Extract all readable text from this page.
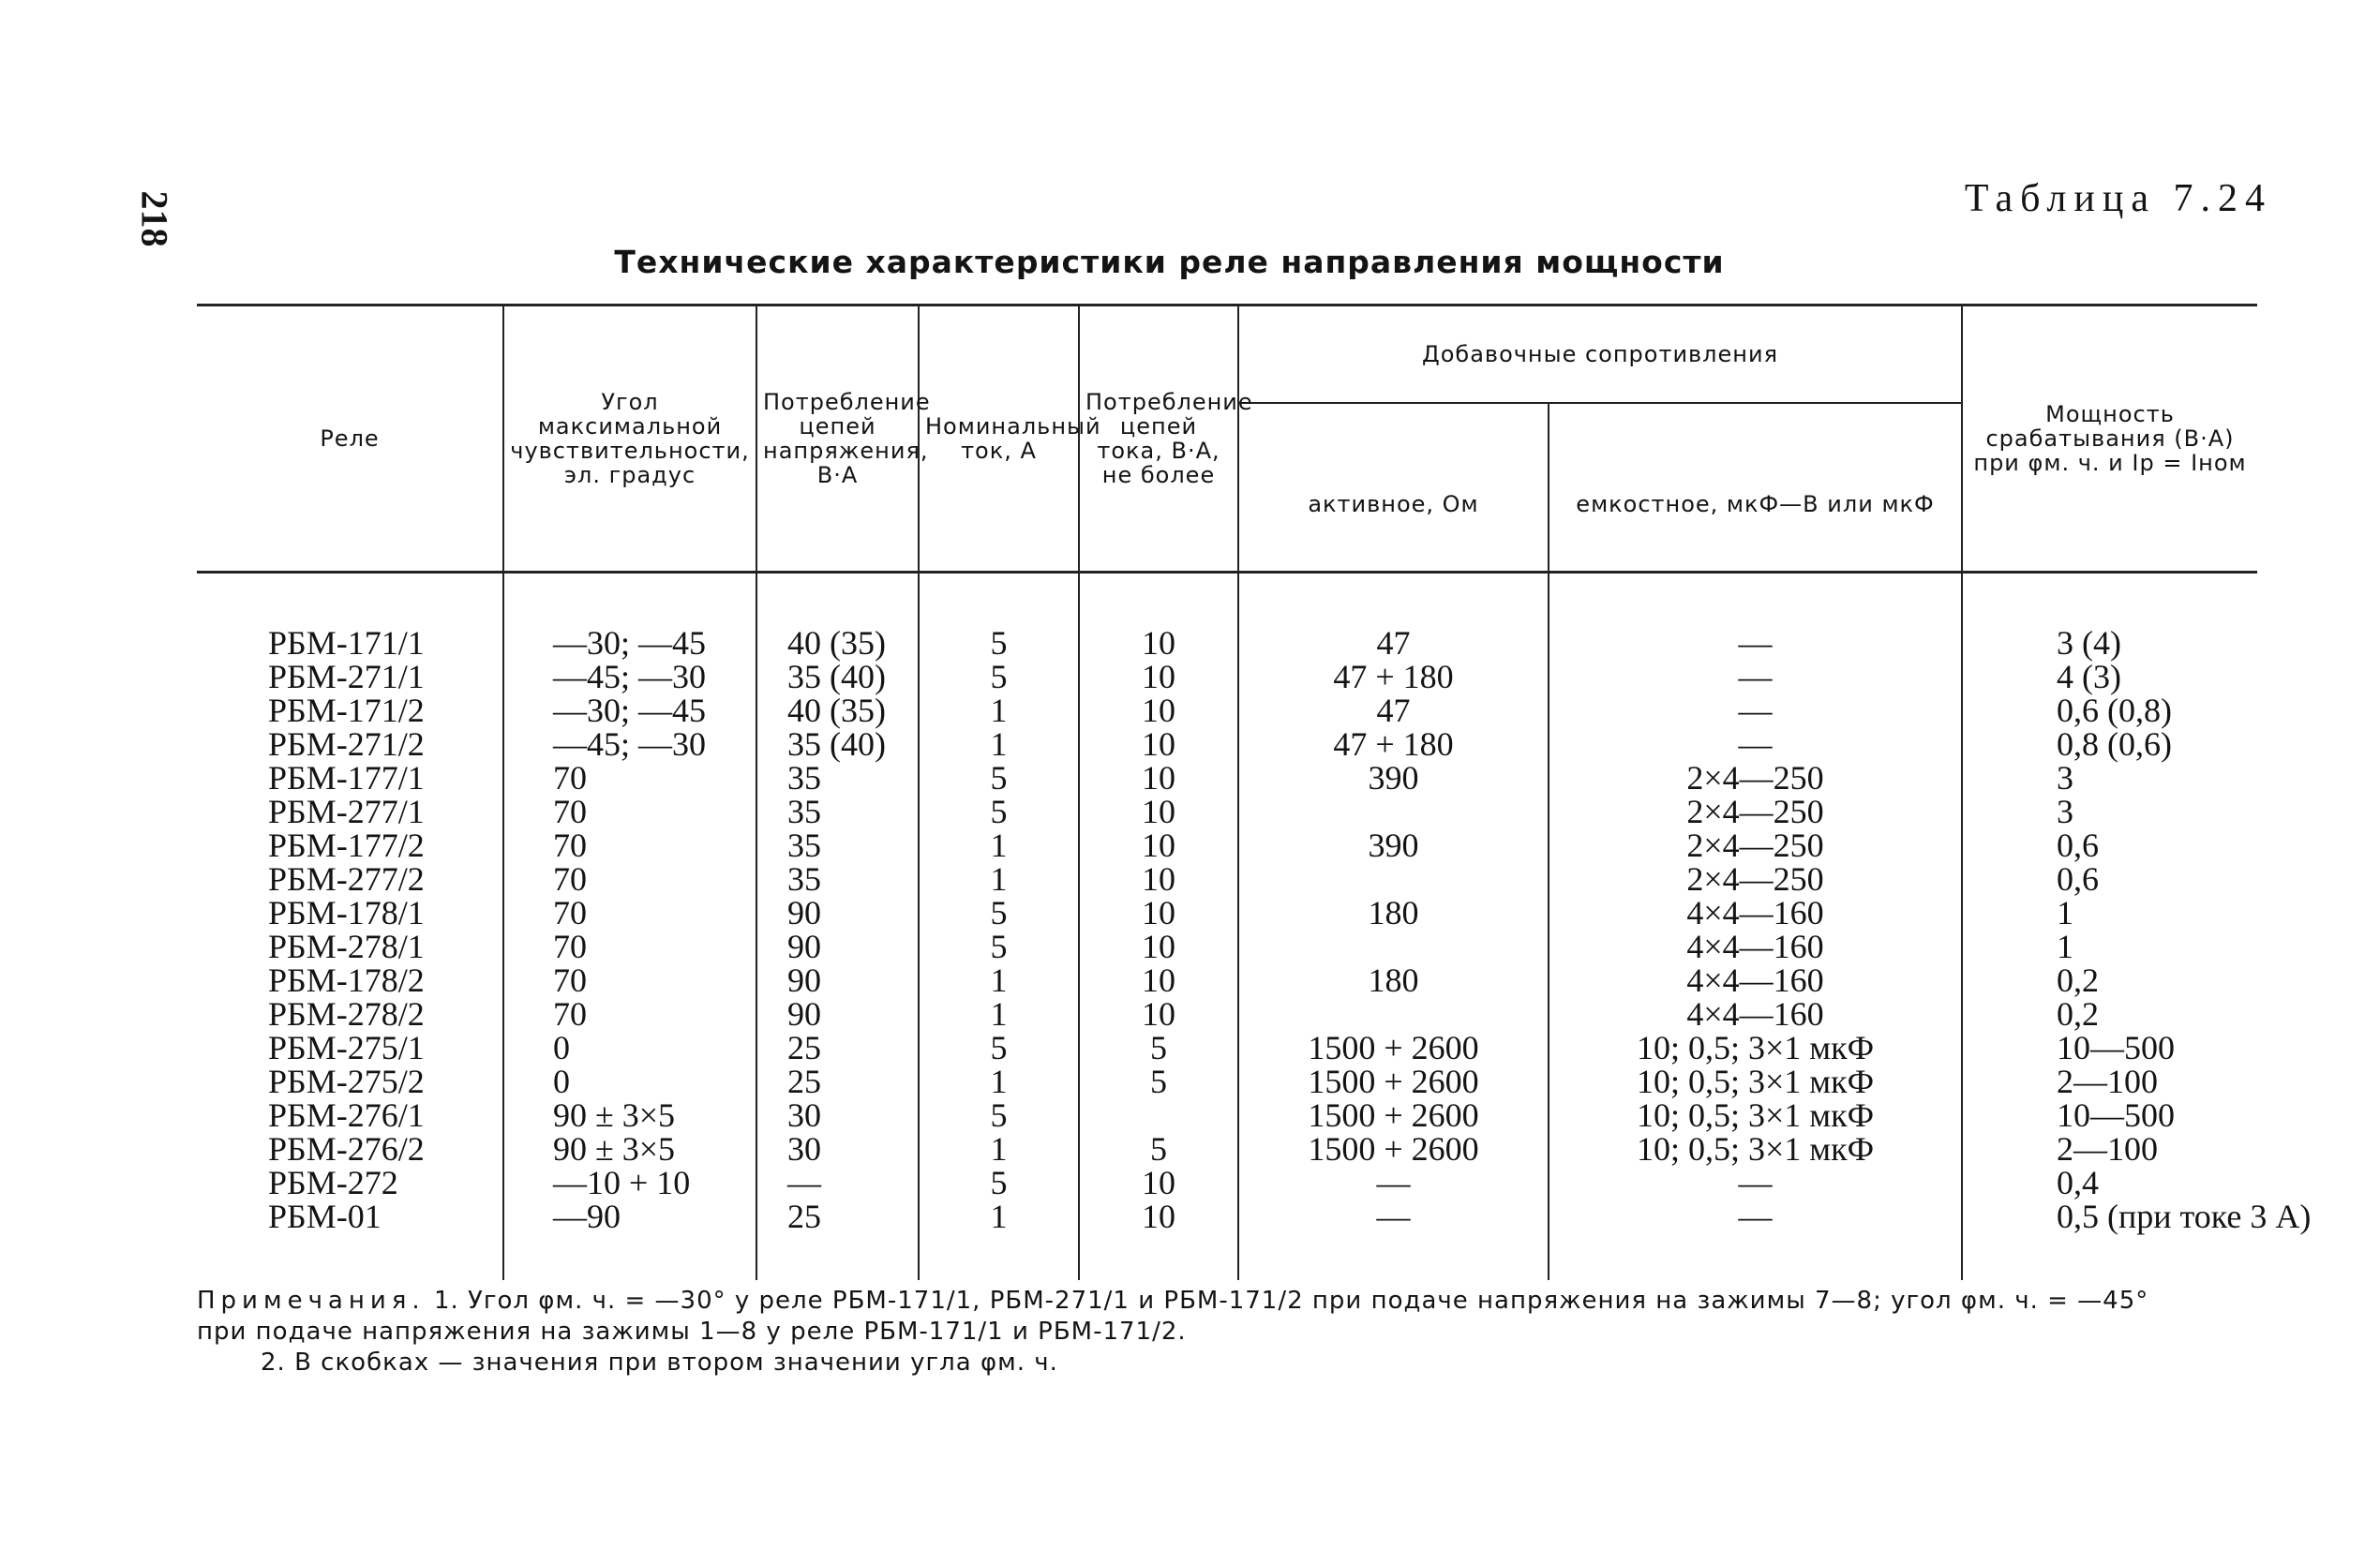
218	Таблица 7.24
Технические характеристики реле направления мощности
Реле	Угол максимальной чувствительности, эл. градус	Потребление цепей напряжения, В·А	Номинальный ток, А	Потребление цепей тока, В·А, не более	Добавочные сопротивления		Мощность срабатывания (В·А) при φм. ч. и Iр = Iном
					активное, Ом	емкостное, мкФ—В или мкФ	

РБМ-171/1	—30; —45	40 (35)	5	10	47	—	3 (4)
РБМ-271/1	—45; —30	35 (40)	5	10	47 + 180	—	4 (3)
РБМ-171/2	—30; —45	40 (35)	1	10	47	—	0,6 (0,8)
РБМ-271/2	—45; —30	35 (40)	1	10	47 + 180	—	0,8 (0,6)
РБМ-177/1	70	35	5	10	390	2×4—250	3
РБМ-277/1	70	35	5	10		2×4—250	3
РБМ-177/2	70	35	1	10	390	2×4—250	0,6
РБМ-277/2	70	35	1	10		2×4—250	0,6
РБМ-178/1	70	90	5	10	180	4×4—160	1
РБМ-278/1	70	90	5	10		4×4—160	1
РБМ-178/2	70	90	1	10	180	4×4—160	0,2
РБМ-278/2	70	90	1	10		4×4—160	0,2
РБМ-275/1	0	25	5	5	1500 + 2600	10; 0,5; 3×1 мкФ	10—500
РБМ-275/2	0	25	1	5	1500 + 2600	10; 0,5; 3×1 мкФ	2—100
РБМ-276/1	90 ± 3×5	30	5		1500 + 2600	10; 0,5; 3×1 мкФ	10—500
РБМ-276/2	90 ± 3×5	30	1	5	1500 + 2600	10; 0,5; 3×1 мкФ	2—100
РБМ-272	—10 + 10	—	5	10	—	—	0,4
РБМ-01	—90	25	1	10	—	—	0,5 (при токе 3 А)

Примечания. 1. Угол φм. ч. = —30° у реле РБМ-171/1, РБМ-271/1 и РБМ-171/2 при подаче напряжения на зажимы 7—8; угол φм. ч. = —45°

при подаче напряжения на зажимы 1—8 у реле РБМ-171/1 и РБМ-171/2.

2. В скобках — значения при втором значении угла φм. ч.
